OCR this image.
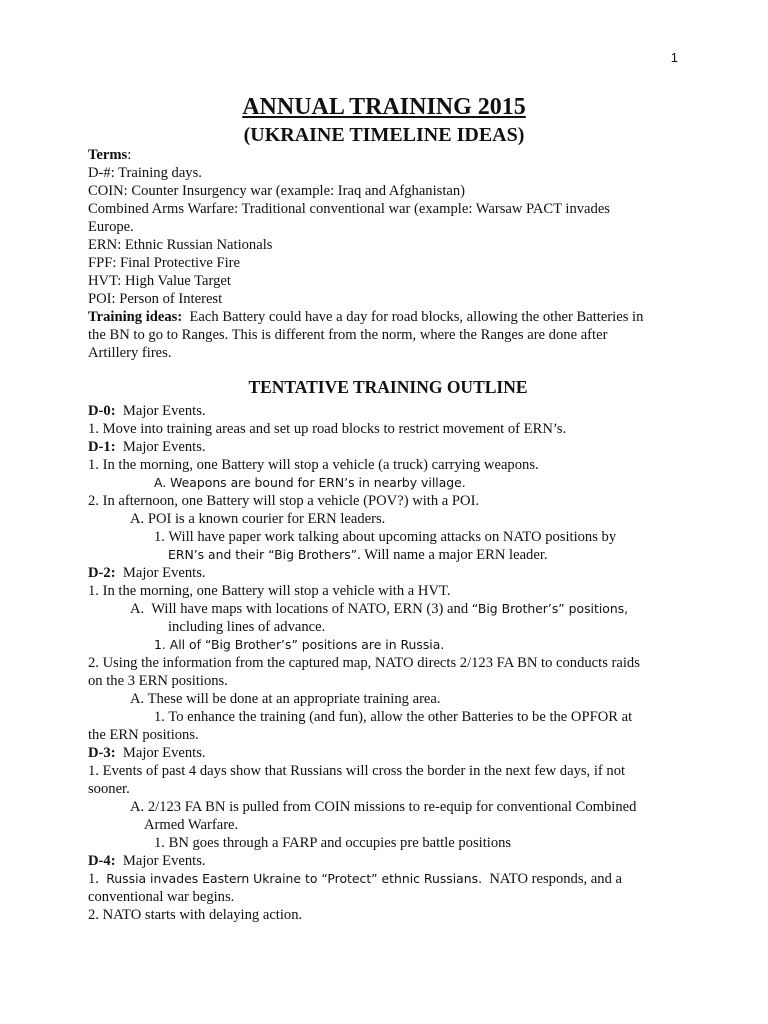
1
ANNUAL TRAINING 2015
(UKRAINE TIMELINE IDEAS)
Terms:
D-#: Training days.
COIN: Counter Insurgency war (example: Iraq and Afghanistan)
Combined Arms Warfare: Traditional conventional war (example: Warsaw PACT invades
Europe.
ERN: Ethnic Russian Nationals
FPF: Final Protective Fire
HVT: High Value Target
POI: Person of Interest
Training ideas:  Each Battery could have a day for road blocks, allowing the other Batteries in
the BN to go to Ranges. This is different from the norm, where the Ranges are done after
Artillery fires.
TENTATIVE TRAINING OUTLINE
D-0:  Major Events.
1. Move into training areas and set up road blocks to restrict movement of ERN’s.
D-1:  Major Events.
1. In the morning, one Battery will stop a vehicle (a truck) carrying weapons.
A. Weapons are bound for ERN’s in nearby village.
2. In afternoon, one Battery will stop a vehicle (POV?) with a POI.
A. POI is a known courier for ERN leaders.
1. Will have paper work talking about upcoming attacks on NATO positions by
ERN’s and their “Big Brothers”. Will name a major ERN leader.
D-2:  Major Events.
1. In the morning, one Battery will stop a vehicle with a HVT.
A.  Will have maps with locations of NATO, ERN (3) and “Big Brother’s” positions,
including lines of advance.
1. All of “Big Brother’s” positions are in Russia.
2. Using the information from the captured map, NATO directs 2/123 FA BN to conducts raids
on the 3 ERN positions.
A. These will be done at an appropriate training area.
1. To enhance the training (and fun), allow the other Batteries to be the OPFOR at
the ERN positions.
D-3:  Major Events.
1. Events of past 4 days show that Russians will cross the border in the next few days, if not
sooner.
A. 2/123 FA BN is pulled from COIN missions to re-equip for conventional Combined
Armed Warfare.
1. BN goes through a FARP and occupies pre battle positions
D-4:  Major Events.
1.  Russia invades Eastern Ukraine to “Protect” ethnic Russians.  NATO responds, and a
conventional war begins.
2. NATO starts with delaying action.
